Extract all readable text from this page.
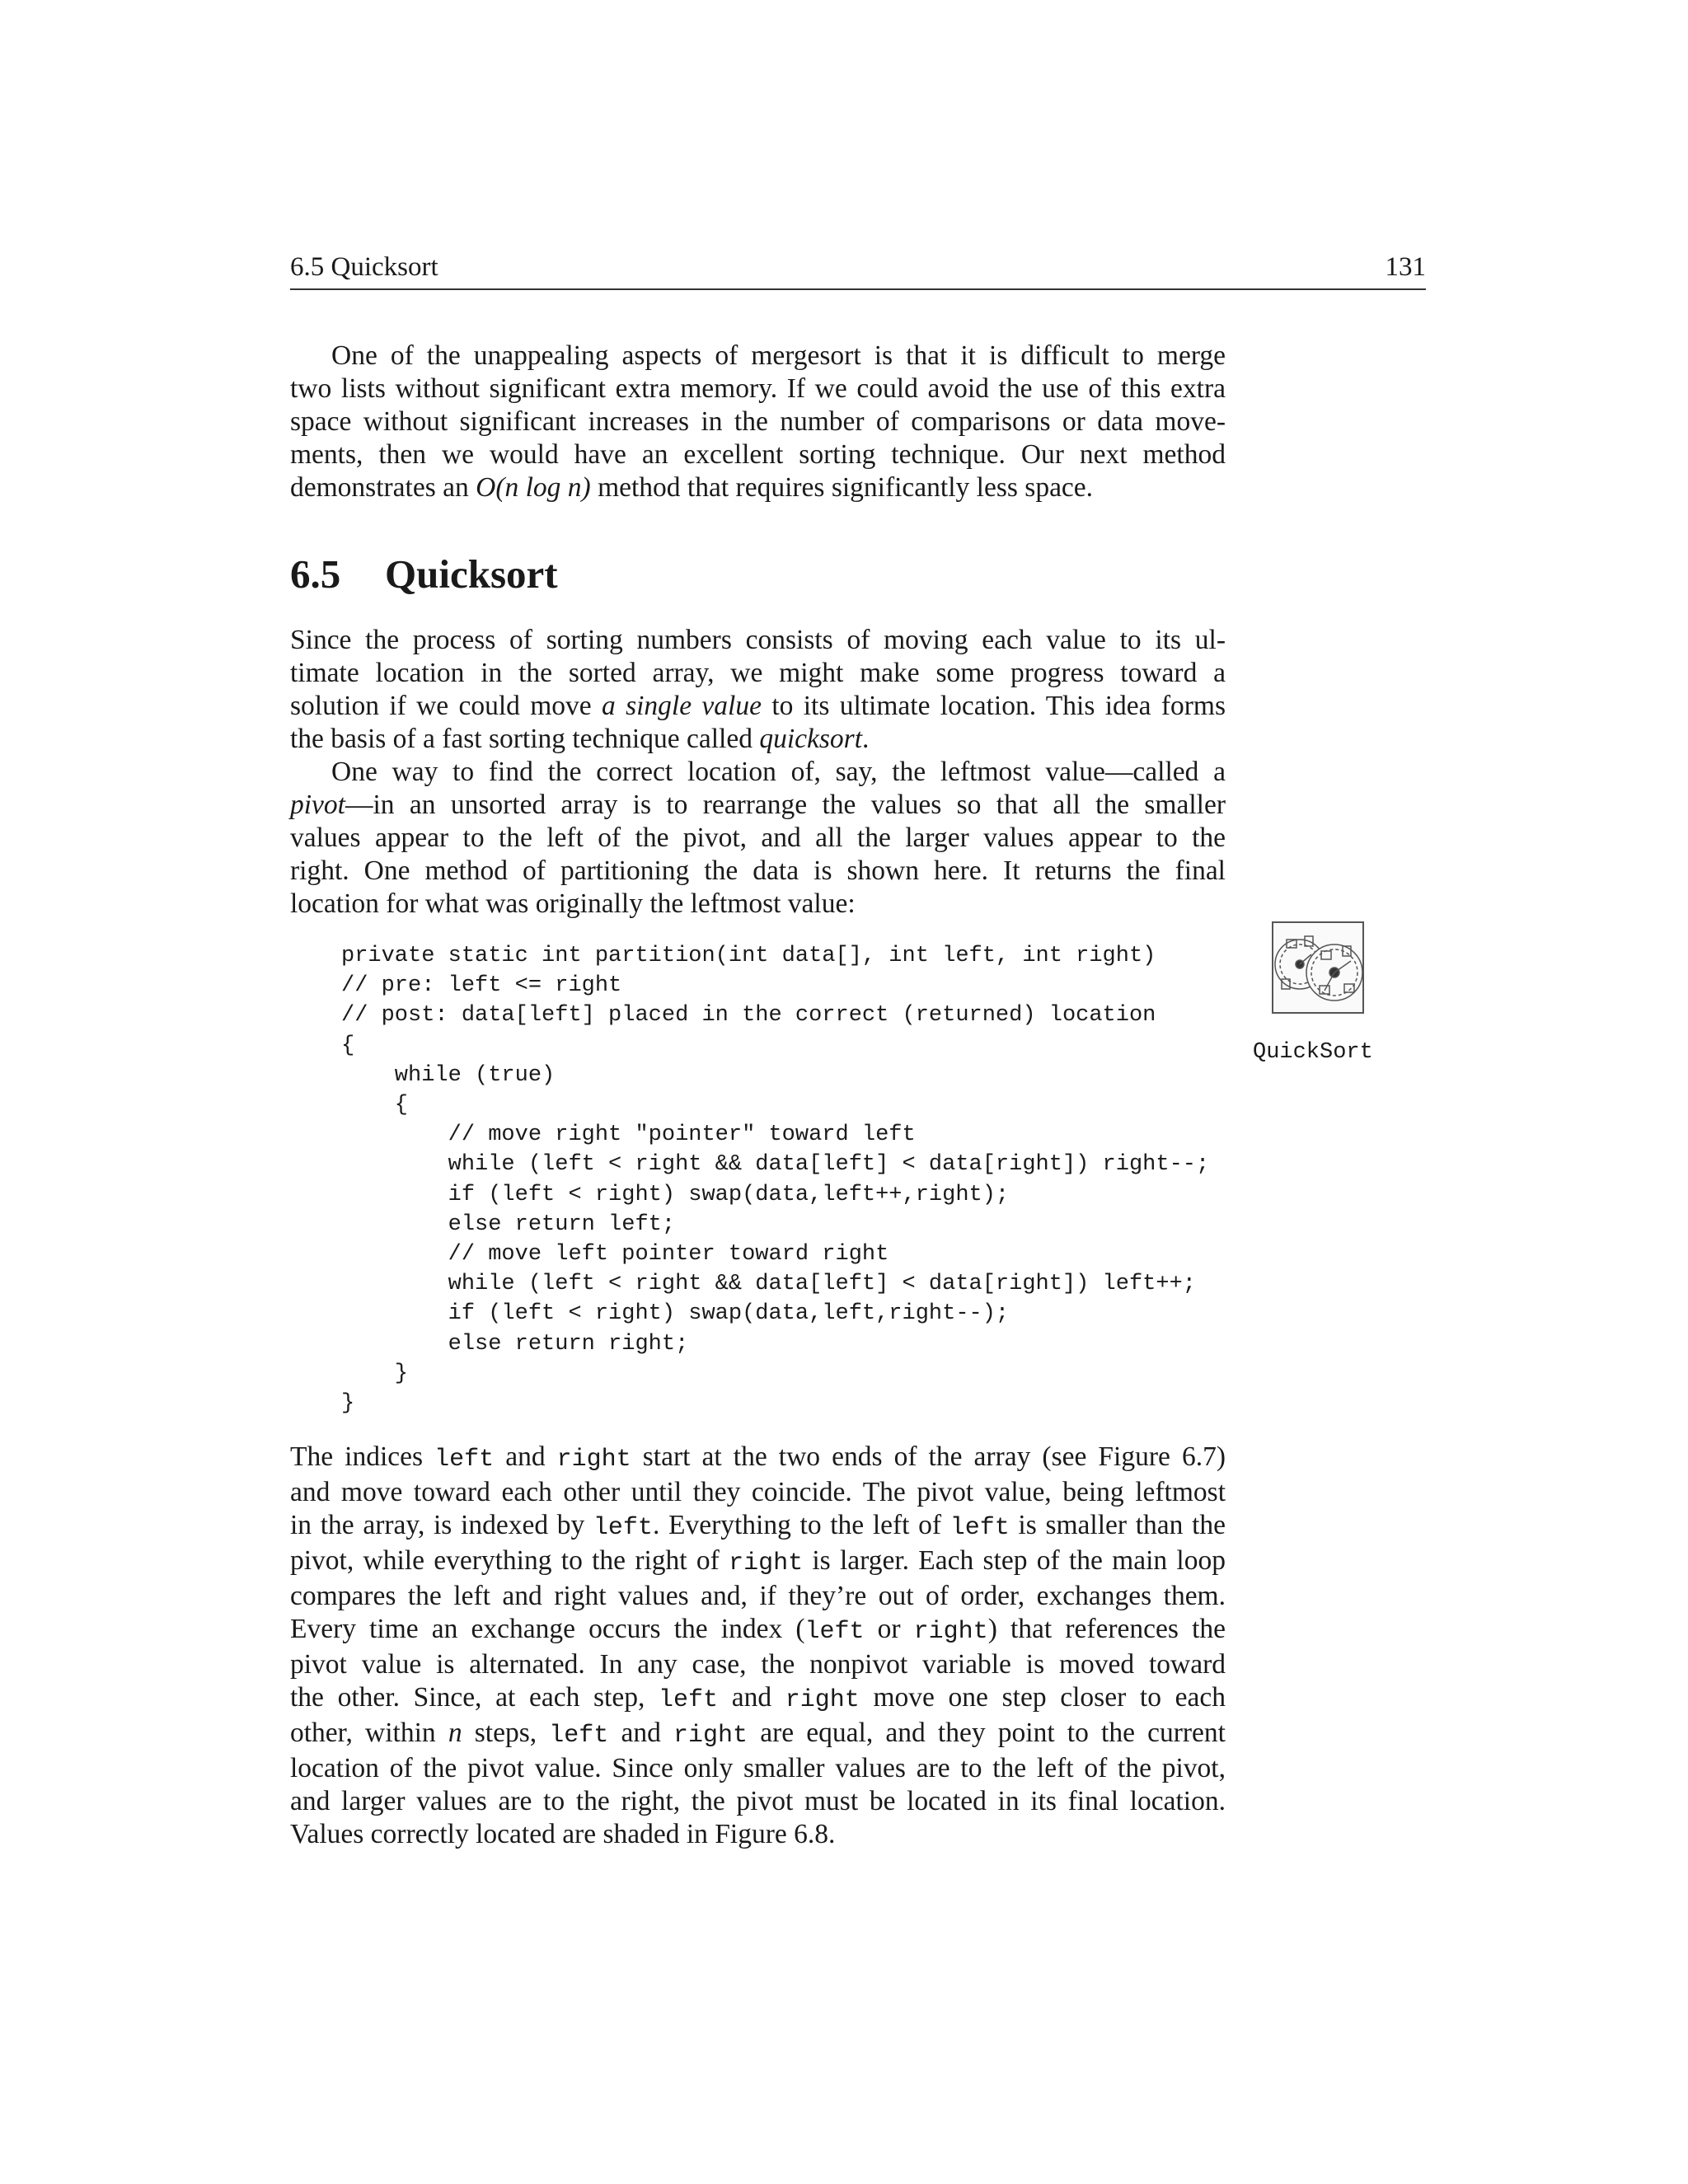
6.5 Quicksort	131

One of the unappealing aspects of mergesort is that it is difficult to merge
two lists without significant extra memory. If we could avoid the use of this extra
space without significant increases in the number of comparisons or data move-
ments, then we would have an excellent sorting technique. Our next method
demonstrates an O(n log n) method that requires significantly less space.

6.5 Quicksort

Since the process of sorting numbers consists of moving each value to its ul-
timate location in the sorted array, we might make some progress toward a
solution if we could move a single value to its ultimate location. This idea forms
the basis of a fast sorting technique called quicksort.

One way to find the correct location of, say, the leftmost value—called a
pivot—in an unsorted array is to rearrange the values so that all the smaller
values appear to the left of the pivot, and all the larger values appear to the
right. One method of partitioning the data is shown here. It returns the final
location for what was originally the leftmost value:

private static int partition(int data[], int left, int right)
// pre: left <= right
// post: data[left] placed in the correct (returned) location
{
while (true)
{
// move right "pointer" toward left
while (left < right && data[left] < data[right]) right--;
if (left < right) swap(data,left++,right);
else return left;
// move left pointer toward right
while (left < right && data[left] < data[right]) left++;
if (left < right) swap(data,left,right--);
else return right;
}
}
QuickSort

The indices left and right start at the two ends of the array (see Figure 6.7)
and move toward each other until they coincide. The pivot value, being leftmost
in the array, is indexed by left. Everything to the left of left is smaller than the
pivot, while everything to the right of right is larger. Each step of the main loop
compares the left and right values and, if they’re out of order, exchanges them.
Every time an exchange occurs the index (left or right) that references the
pivot value is alternated. In any case, the nonpivot variable is moved toward
the other. Since, at each step, left and right move one step closer to each
other, within n steps, left and right are equal, and they point to the current
location of the pivot value. Since only smaller values are to the left of the pivot,
and larger values are to the right, the pivot must be located in its final location.
Values correctly located are shaded in Figure 6.8.
